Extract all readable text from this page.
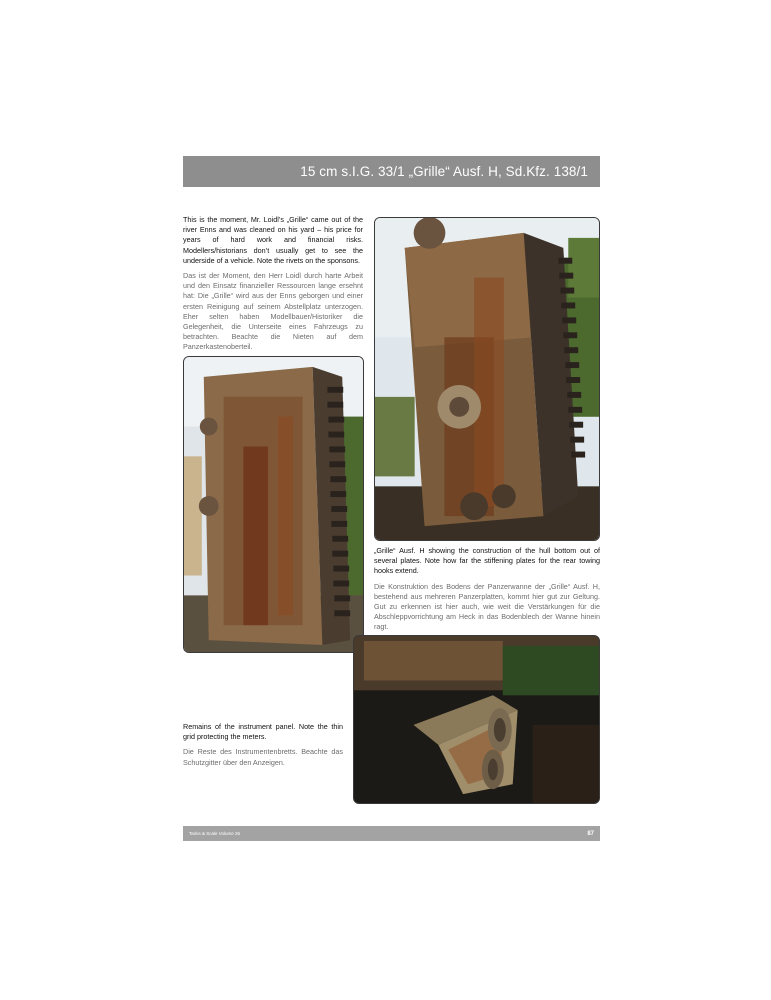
15 cm s.I.G. 33/1 „Grille“ Ausf. H, Sd.Kfz. 138/1

This is the moment, Mr. Loidl’s „Grille“ came out of the river Enns and was cleaned on his yard – his price for years of hard work and financial risks. Modellers/historians don’t usually get to see the underside of a vehicle. Note the rivets on the sponsons.

Das ist der Moment, den Herr Loidl durch harte Arbeit und den Einsatz finanzieller Ressourcen lange ersehnt hat: Die „Grille“ wird aus der Enns geborgen und einer ersten Reinigung auf seinem Abstellplatz unterzogen. Eher selten haben Modellbauer/Historiker die Gelegenheit, die Unterseite eines Fahrzeugs zu betrachten. Beachte die Nieten auf dem Panzerkastenoberteil.

„Grille“ Ausf. H showing the construction of the hull bottom out of several plates. Note how far the stiffening plates for the rear towing hooks extend.

Die Konstruktion des Bodens der Panzerwanne der „Grille“ Ausf. H, bestehend aus mehreren Panzerplatten, kommt hier gut zur Geltung. Gut zu erkennen ist hier auch, wie weit die Verstärkungen für die Abschleppvorrichtung am Heck in das Bodenblech der Wanne hinein ragt.

Remains of the instrument panel. Note the thin grid protecting the meters.

Die Reste des Instrumentenbretts. Beachte das Schutzgitter über den Anzeigen.

Tanks & Scale Volume 26	87
